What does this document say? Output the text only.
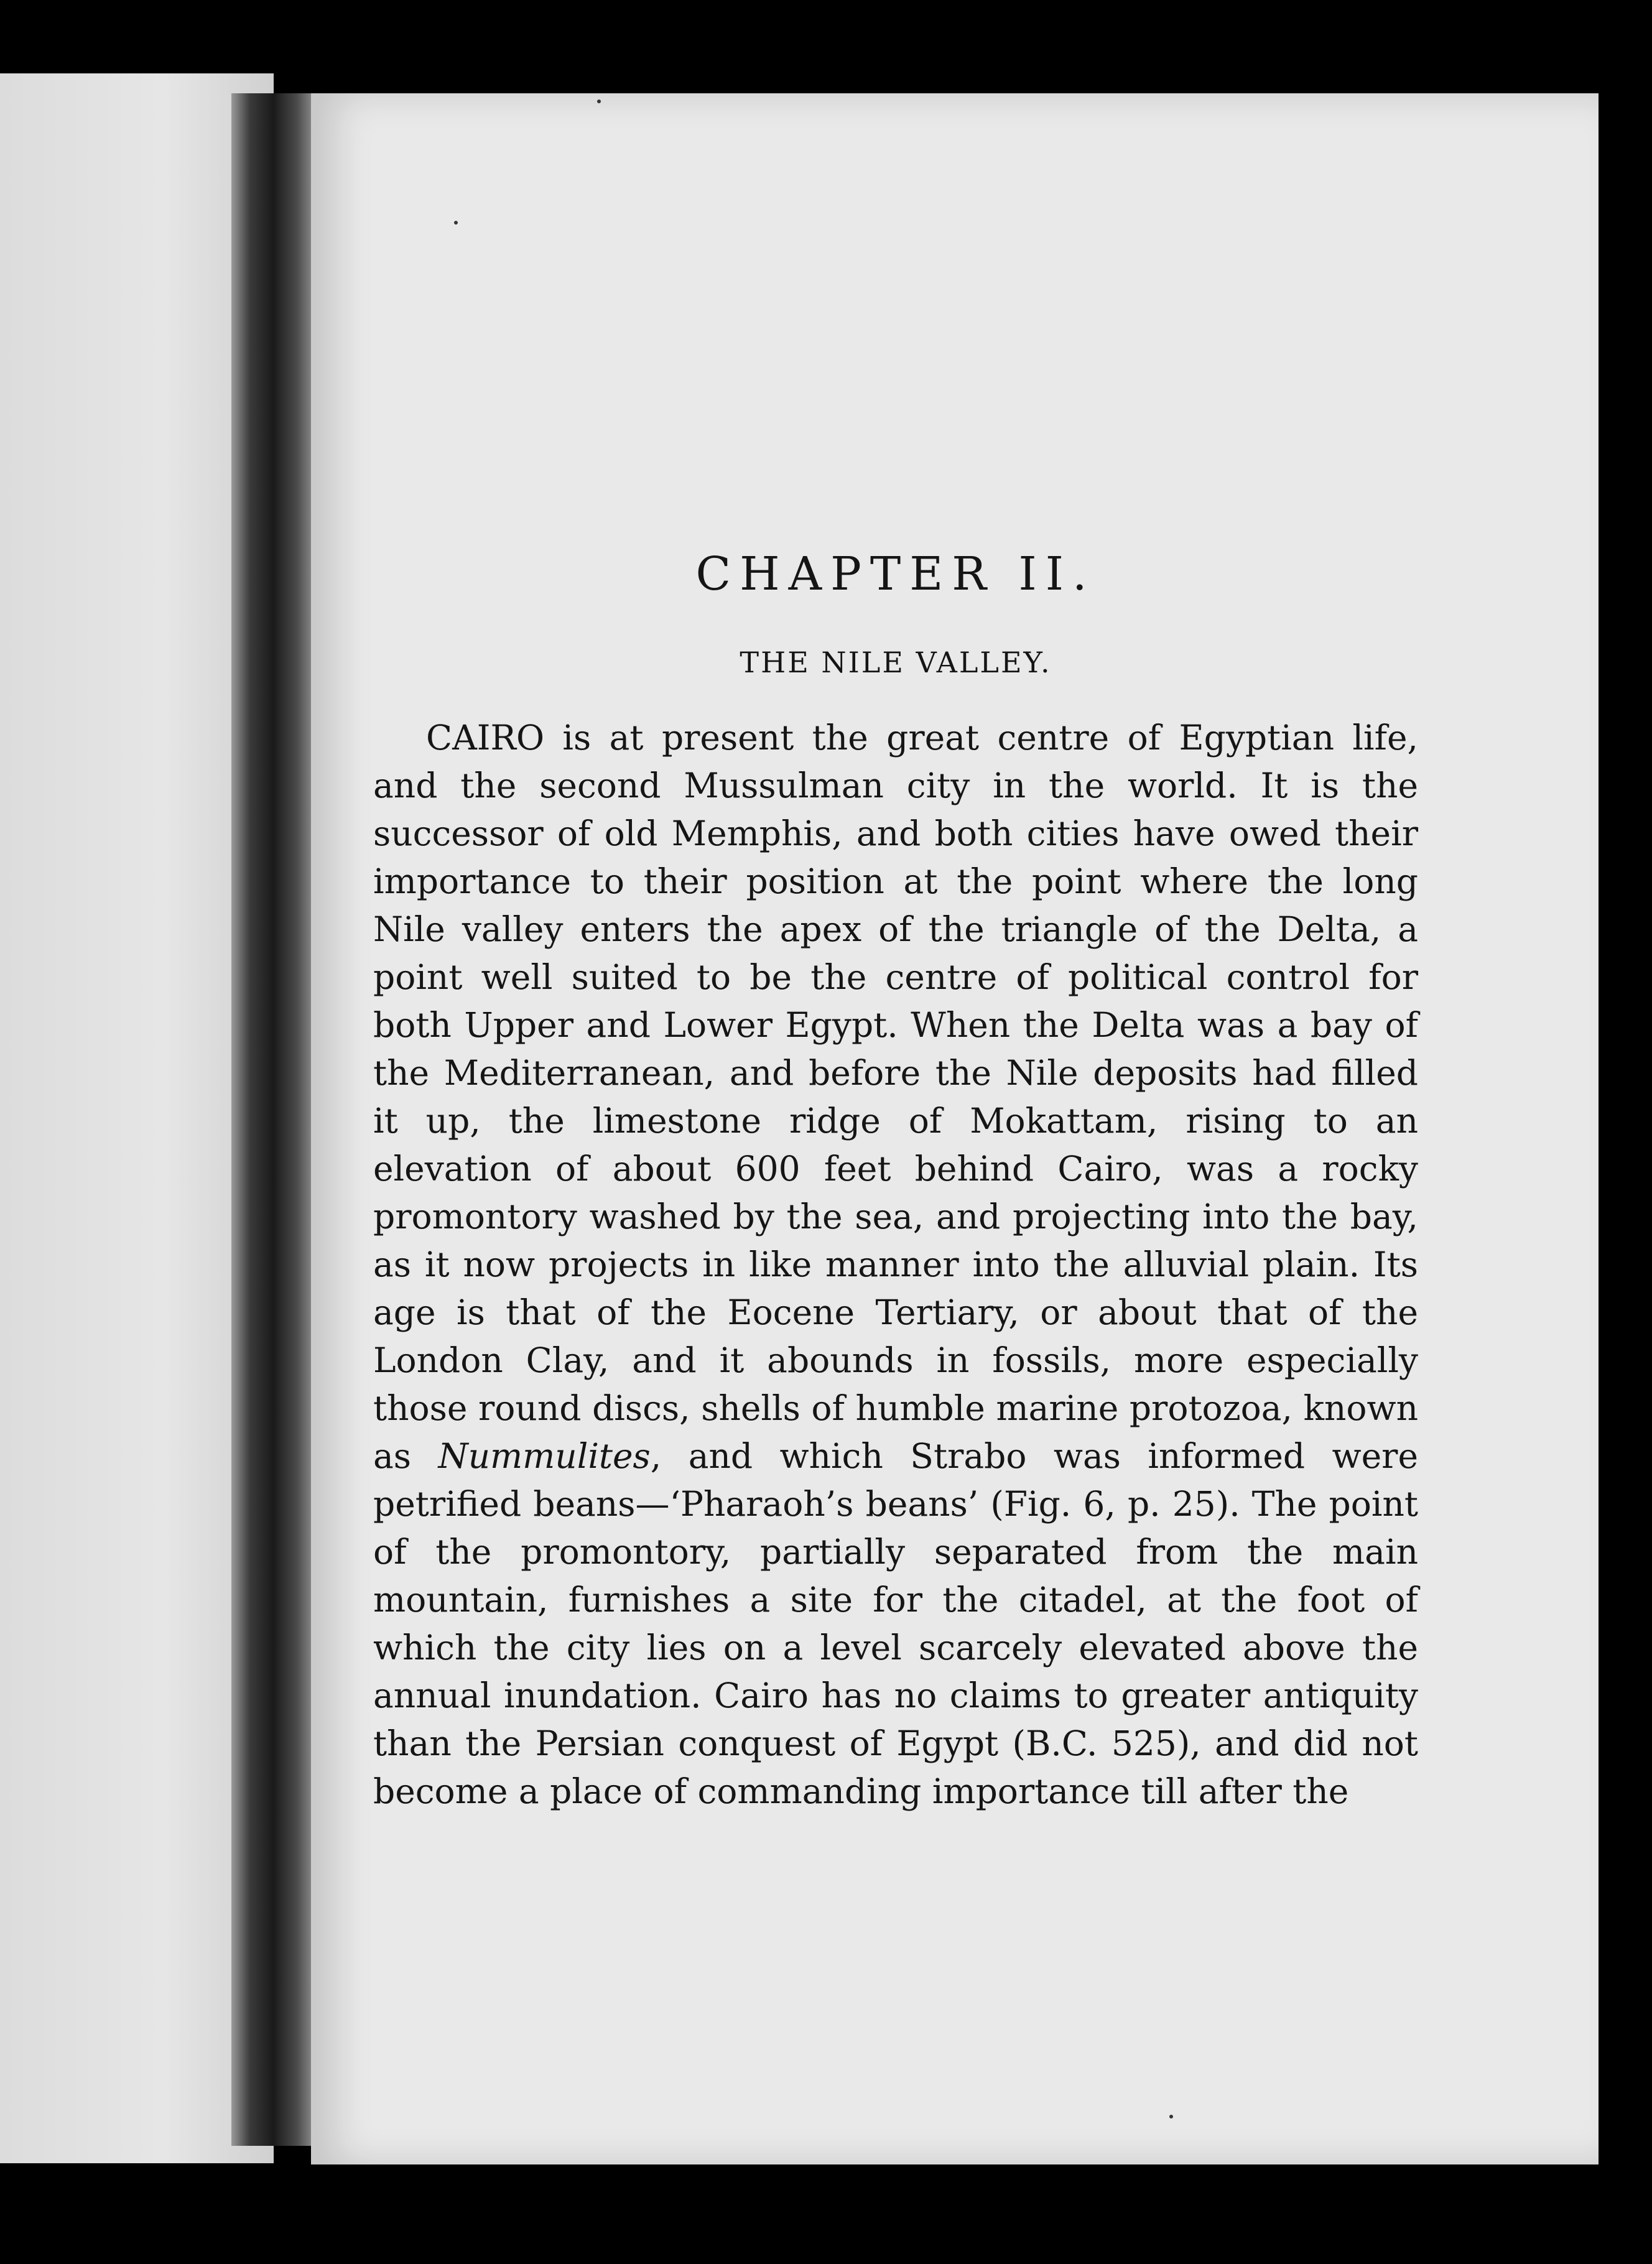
CHAPTER II.
THE NILE VALLEY.

CAIRO is at present the great centre of Egyptian life, and the second Mussulman city in the world. It is the successor of old Memphis, and both cities have owed their importance to their position at the point where the long Nile valley enters the apex of the triangle of the Delta, a point well suited to be the centre of political control for both Upper and Lower Egypt. When the Delta was a bay of the Mediterranean, and before the Nile deposits had filled it up, the limestone ridge of Mokattam, rising to an elevation of about 600 feet behind Cairo, was a rocky promontory washed by the sea, and projecting into the bay, as it now projects in like manner into the alluvial plain. Its age is that of the Eocene Tertiary, or about that of the London Clay, and it abounds in fossils, more especially those round discs, shells of humble marine protozoa, known as Nummulites, and which Strabo was informed were petrified beans—‘Pharaoh’s beans’ (Fig. 6, p. 25). The point of the promontory, partially separated from the main mountain, furnishes a site for the citadel, at the foot of which the city lies on a level scarcely elevated above the annual inundation. Cairo has no claims to greater antiquity than the Persian conquest of Egypt (B.C. 525), and did not become a place of commanding importance till after the
